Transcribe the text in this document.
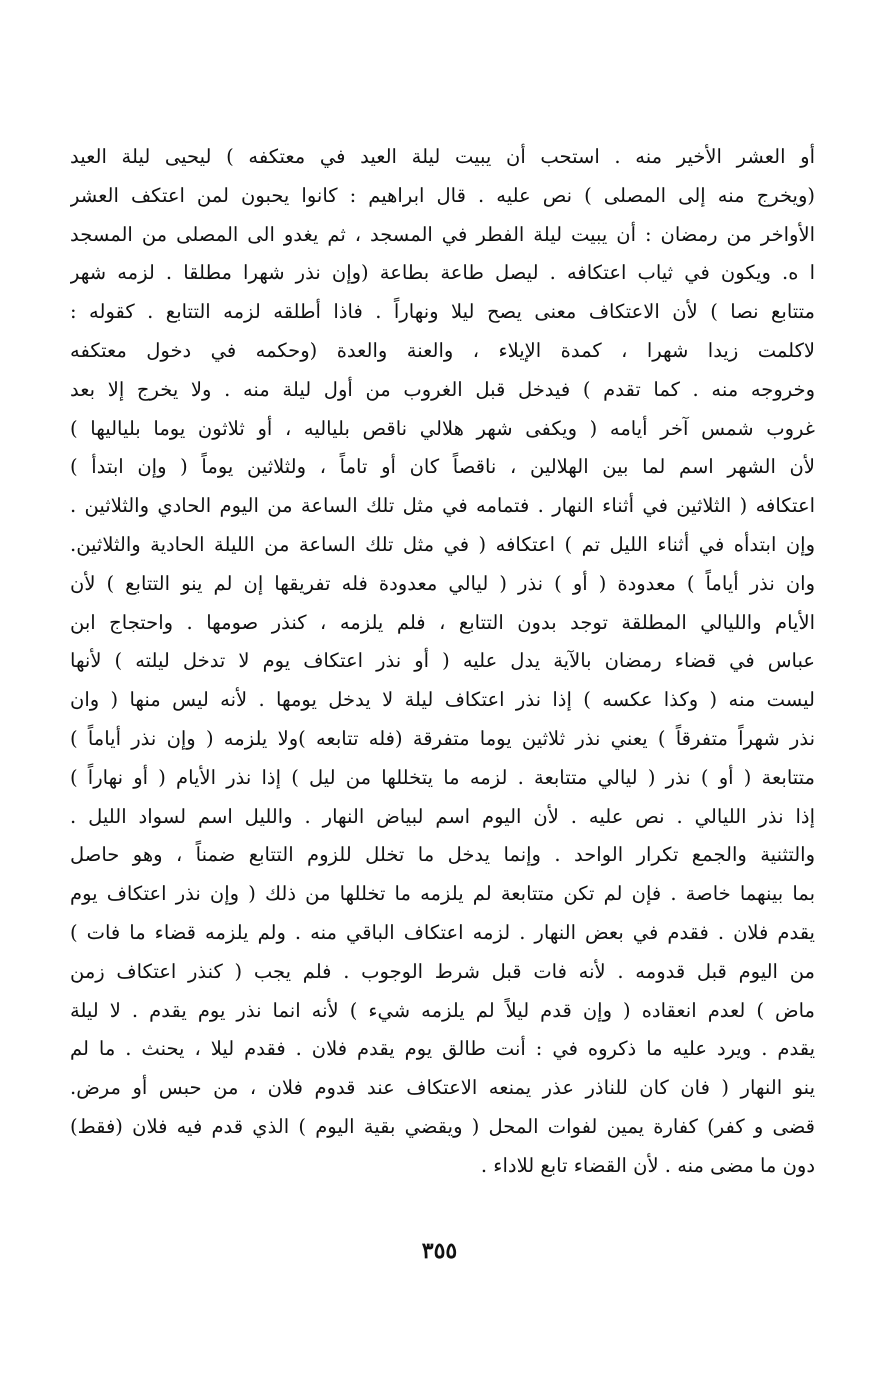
أو العشر الأخير منه . استحب أن يبيت ليلة العيد في معتكفه ) ليحيى ليلة العيد
(ويخرج منه إلى المصلى ) نص عليه . قال ابراهيم : كانوا يحبون لمن اعتكف العشر
الأواخر من رمضان : أن يبيت ليلة الفطر في المسجد ، ثم يغدو الى المصلى من المسجد
ا ه. ويكون في ثياب اعتكافه . ليصل طاعة بطاعة (وإن نذر شهرا مطلقا . لزمه شهر
متتابع نصا ) لأن الاعتكاف معنى يصح ليلا ونهاراً . فاذا أطلقه لزمه التتابع . كقوله :
لاكلمت زيدا شهرا ، كمدة الإيلاء ، والعنة والعدة (وحكمه في دخول معتكفه
وخروجه منه . كما تقدم ) فيدخل قبل الغروب من أول ليلة منه . ولا يخرج إلا بعد
غروب شمس آخر أيامه ( ويكفى شهر هلالي ناقص بلياليه ، أو ثلاثون يوما بلياليها )
لأن الشهر اسم لما بين الهلالين ، ناقصاً كان أو تاماً ، ولثلاثين يوماً ( وإن ابتدأ )
اعتكافه ( الثلاثين في أثناء النهار . فتمامه في مثل تلك الساعة من اليوم الحادي والثلاثين .
وإن ابتدأه في أثناء الليل تم ) اعتكافه ( في مثل تلك الساعة من الليلة الحادية والثلاثين.
وان نذر أياماً ) معدودة ( أو ) نذر ( ليالي معدودة فله تفريقها إن لم ينو التتابع ) لأن
الأيام والليالي المطلقة توجد بدون التتابع ، فلم يلزمه ، كنذر صومها . واحتجاج ابن
عباس في قضاء رمضان بالآية يدل عليه ( أو نذر اعتكاف يوم لا تدخل ليلته ) لأنها
ليست منه ( وكذا عكسه ) إذا نذر اعتكاف ليلة لا يدخل يومها . لأنه ليس منها ( وان
نذر شهراً متفرقاً ) يعني نذر ثلاثين يوما متفرقة (فله تتابعه )ولا يلزمه ( وإن نذر أياماً )
متتابعة ( أو ) نذر ( ليالي متتابعة . لزمه ما يتخللها من ليل ) إذا نذر الأيام ( أو نهاراً )
إذا نذر الليالي . نص عليه . لأن اليوم اسم لبياض النهار . والليل اسم لسواد الليل .
والتثنية والجمع تكرار الواحد . وإنما يدخل ما تخلل للزوم التتابع ضمناً ، وهو حاصل
بما بينهما خاصة . فإن لم تكن متتابعة لم يلزمه ما تخللها من ذلك ( وإن نذر اعتكاف يوم
يقدم فلان . فقدم في بعض النهار . لزمه اعتكاف الباقي منه . ولم يلزمه قضاء ما فات )
من اليوم قبل قدومه . لأنه فات قبل شرط الوجوب . فلم يجب ( كنذر اعتكاف زمن
ماض ) لعدم انعقاده ( وإن قدم ليلاً لم يلزمه شيء ) لأنه انما نذر يوم يقدم . لا ليلة
يقدم . ويرد عليه ما ذكروه في : أنت طالق يوم يقدم فلان . فقدم ليلا ، يحنث . ما لم
ينو النهار ( فان كان للناذر عذر يمنعه الاعتكاف عند قدوم فلان ، من حبس أو مرض.
قضى و كفر) كفارة يمين لفوات المحل ( ويقضي بقية اليوم ) الذي قدم فيه فلان (فقط)
دون ما مضى منه . لأن القضاء تابع للاداء .
٣٥٥
